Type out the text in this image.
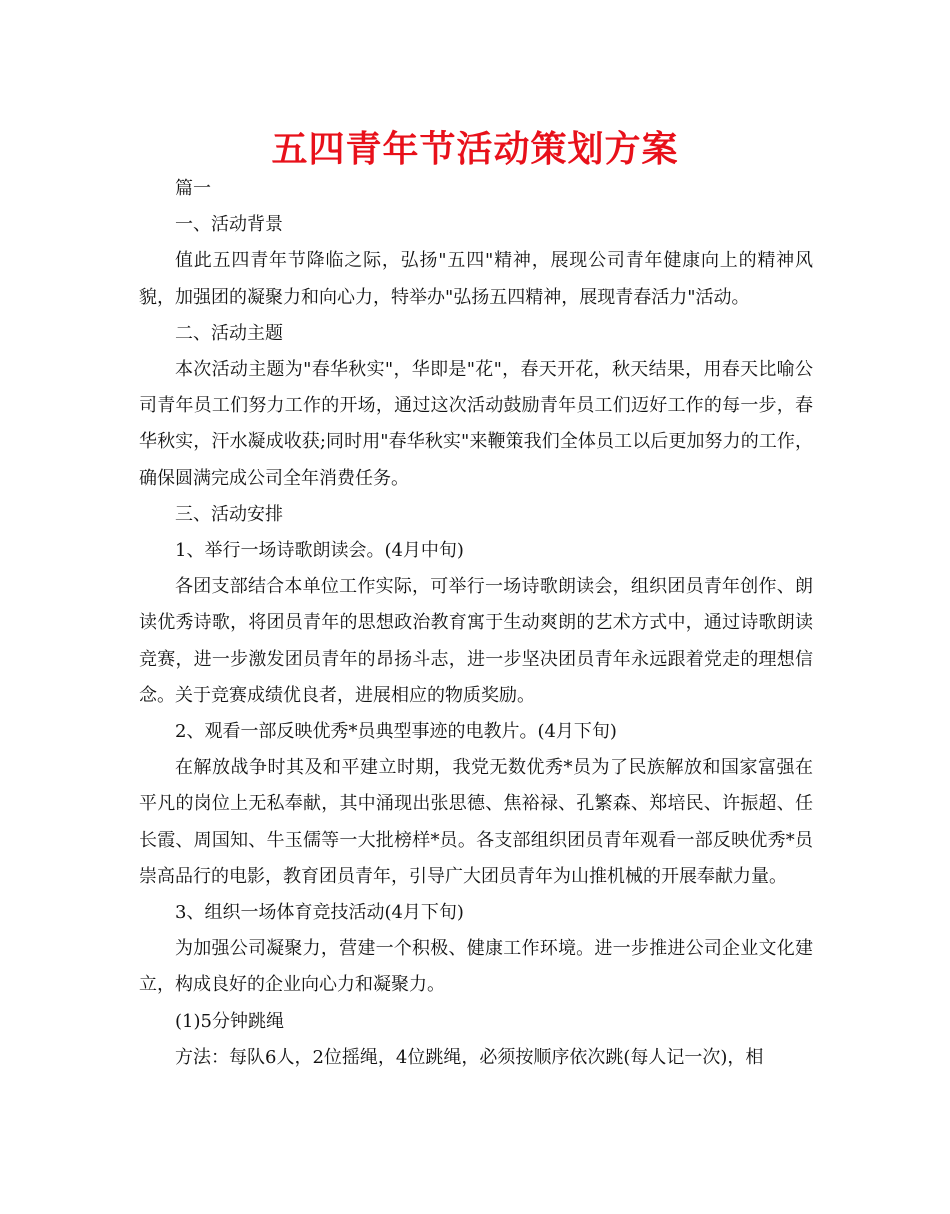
五四青年节活动策划方案

篇一

一、活动背景

值此五四青年节降临之际，弘扬"五四"精神，展现公司青年健康向上的精神风貌，加强团的凝聚力和向心力，特举办"弘扬五四精神，展现青春活力"活动。

二、活动主题

本次活动主题为"春华秋实"，华即是"花"，春天开花，秋天结果，用春天比喻公司青年员工们努力工作的开场，通过这次活动鼓励青年员工们迈好工作的每一步，春华秋实，汗水凝成收获;同时用"春华秋实"来鞭策我们全体员工以后更加努力的工作，确保圆满完成公司全年消费任务。

三、活动安排

1、举行一场诗歌朗读会。(4月中旬)

各团支部结合本单位工作实际，可举行一场诗歌朗读会，组织团员青年创作、朗读优秀诗歌，将团员青年的思想政治教育寓于生动爽朗的艺术方式中，通过诗歌朗读竞赛，进一步激发团员青年的昂扬斗志，进一步坚决团员青年永远跟着党走的理想信念。关于竞赛成绩优良者，进展相应的物质奖励。

2、观看一部反映优秀*员典型事迹的电教片。(4月下旬)

在解放战争时其及和平建立时期，我党无数优秀*员为了民族解放和国家富强在平凡的岗位上无私奉献，其中涌现出张思德、焦裕禄、孔繁森、郑培民、许振超、任长霞、周国知、牛玉儒等一大批榜样*员。各支部组织团员青年观看一部反映优秀*员崇高品行的电影，教育团员青年，引导广大团员青年为山推机械的开展奉献力量。

3、组织一场体育竞技活动(4月下旬)

为加强公司凝聚力，营建一个积极、健康工作环境。进一步推进公司企业文化建立，构成良好的企业向心力和凝聚力。

(1)5分钟跳绳

方法：每队6人，2位摇绳，4位跳绳，必须按顺序依次跳(每人记一次)，相
